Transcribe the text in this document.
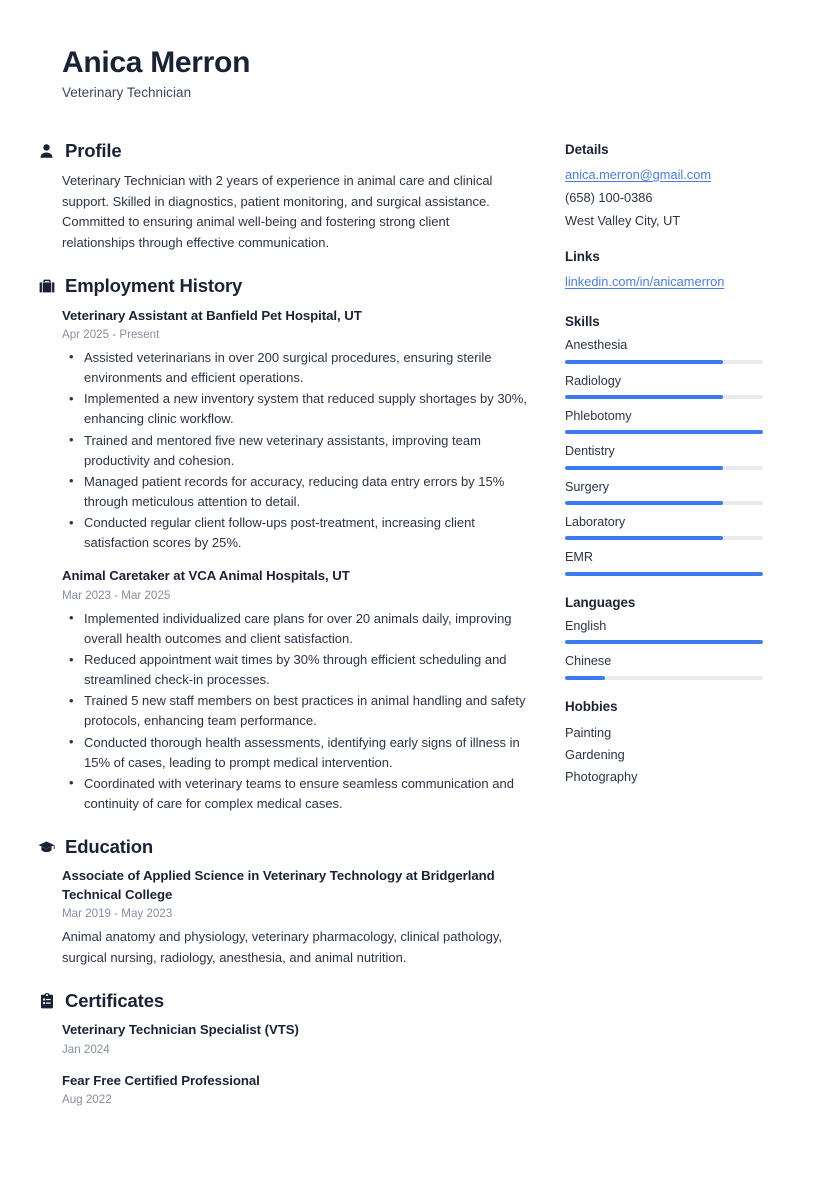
Anica Merron
Veterinary Technician
Profile
Veterinary Technician with 2 years of experience in animal care and clinical support. Skilled in diagnostics, patient monitoring, and surgical assistance. Committed to ensuring animal well-being and fostering strong client relationships through effective communication.
Employment History
Veterinary Assistant at Banfield Pet Hospital, UT
Apr 2025 - Present
• Assisted veterinarians in over 200 surgical procedures, ensuring sterile environments and efficient operations.
• Implemented a new inventory system that reduced supply shortages by 30%, enhancing clinic workflow.
• Trained and mentored five new veterinary assistants, improving team productivity and cohesion.
• Managed patient records for accuracy, reducing data entry errors by 15% through meticulous attention to detail.
• Conducted regular client follow-ups post-treatment, increasing client satisfaction scores by 25%.
Animal Caretaker at VCA Animal Hospitals, UT
Mar 2023 - Mar 2025
• Implemented individualized care plans for over 20 animals daily, improving overall health outcomes and client satisfaction.
• Reduced appointment wait times by 30% through efficient scheduling and streamlined check-in processes.
• Trained 5 new staff members on best practices in animal handling and safety protocols, enhancing team performance.
• Conducted thorough health assessments, identifying early signs of illness in 15% of cases, leading to prompt medical intervention.
• Coordinated with veterinary teams to ensure seamless communication and continuity of care for complex medical cases.
Education
Associate of Applied Science in Veterinary Technology at Bridgerland Technical College
Mar 2019 - May 2023
Animal anatomy and physiology, veterinary pharmacology, clinical pathology, surgical nursing, radiology, anesthesia, and animal nutrition.
Certificates
Veterinary Technician Specialist (VTS)
Jan 2024
Fear Free Certified Professional
Aug 2022
Details
anica.merron@gmail.com
(658) 100-0386
West Valley City, UT
Links
linkedin.com/in/anicamerron
Skills
Anesthesia
Radiology
Phlebotomy
Dentistry
Surgery
Laboratory
EMR
Languages
English
Chinese
Hobbies
Painting
Gardening
Photography
